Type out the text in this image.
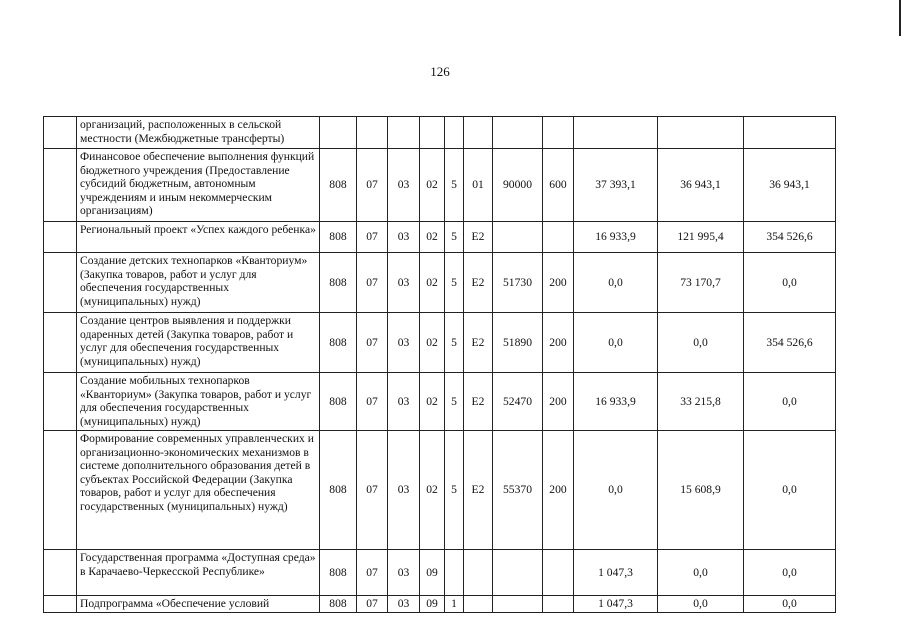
126
	организаций, расположенных в сельской местности (Межбюджетные трансферты)											
	Финансовое обеспечение выполнения функций бюджетного учреждения (Предоставление субсидий бюджетным, автономным учреждениям и иным некоммерческим организациям)	808	07	03	02	5	01	90000	600	37 393,1	36 943,1	36 943,1
	Региональный проект «Успех каждого ребенка»	808	07	03	02	5	E2			16 933,9	121 995,4	354 526,6
	Создание детских технопарков «Кванториум» (Закупка товаров, работ и услуг для обеспечения государственных (муниципальных) нужд)	808	07	03	02	5	E2	51730	200	0,0	73 170,7	0,0
	Создание центров выявления и поддержки одаренных детей (Закупка товаров, работ и услуг для обеспечения государственных (муниципальных) нужд)	808	07	03	02	5	E2	51890	200	0,0	0,0	354 526,6
	Создание мобильных технопарков «Кванториум» (Закупка товаров, работ и услуг для обеспечения государственных (муниципальных) нужд)	808	07	03	02	5	E2	52470	200	16 933,9	33 215,8	0,0
	Формирование современных управленческих и организационно-экономических механизмов в системе дополнительного образования детей в субъектах Российской Федерации (Закупка товаров, работ и услуг для обеспечения государственных (муниципальных) нужд)	808	07	03	02	5	E2	55370	200	0,0	15 608,9	0,0
	Государственная программа «Доступная среда» в Карачаево-Черкесской Республике»	808	07	03	09					1 047,3	0,0	0,0
	Подпрограмма «Обеспечение условий	808	07	03	09	1				1 047,3	0,0	0,0
